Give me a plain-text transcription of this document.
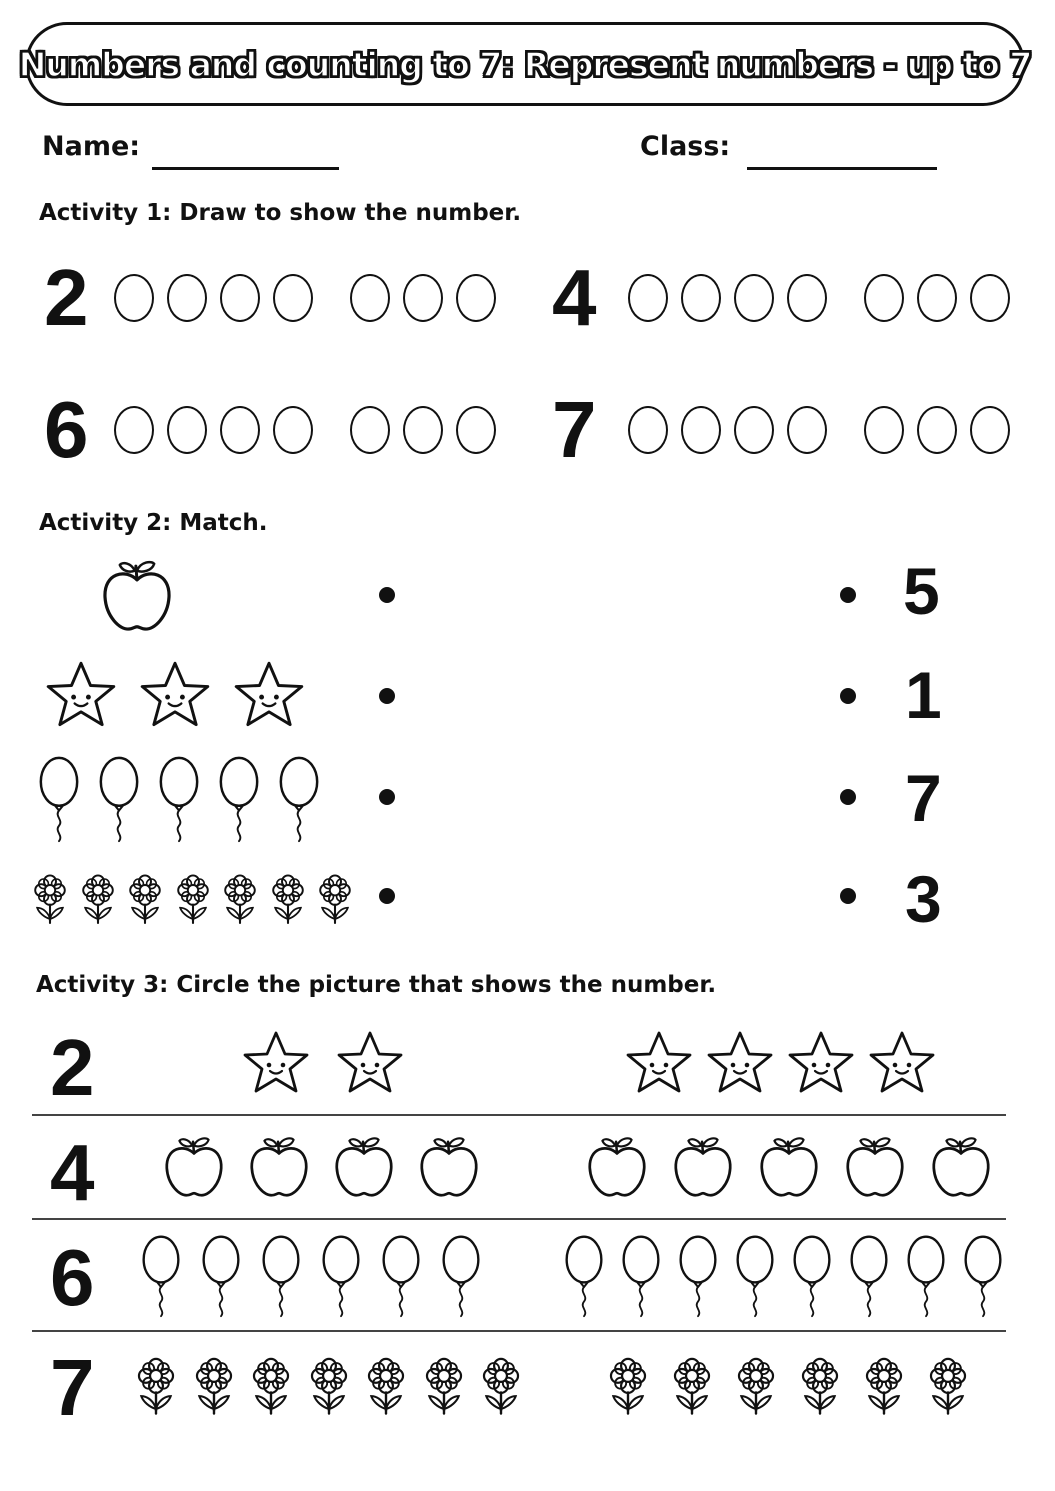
Numbers and counting to 7: Represent numbers - up to 7
Name:	Class:
Activity 1: Draw to show the number.
2	4
6	7
Activity 2: Match.
5
1
7
3
Activity 3: Circle the picture that shows the number.
2
4
6
7
